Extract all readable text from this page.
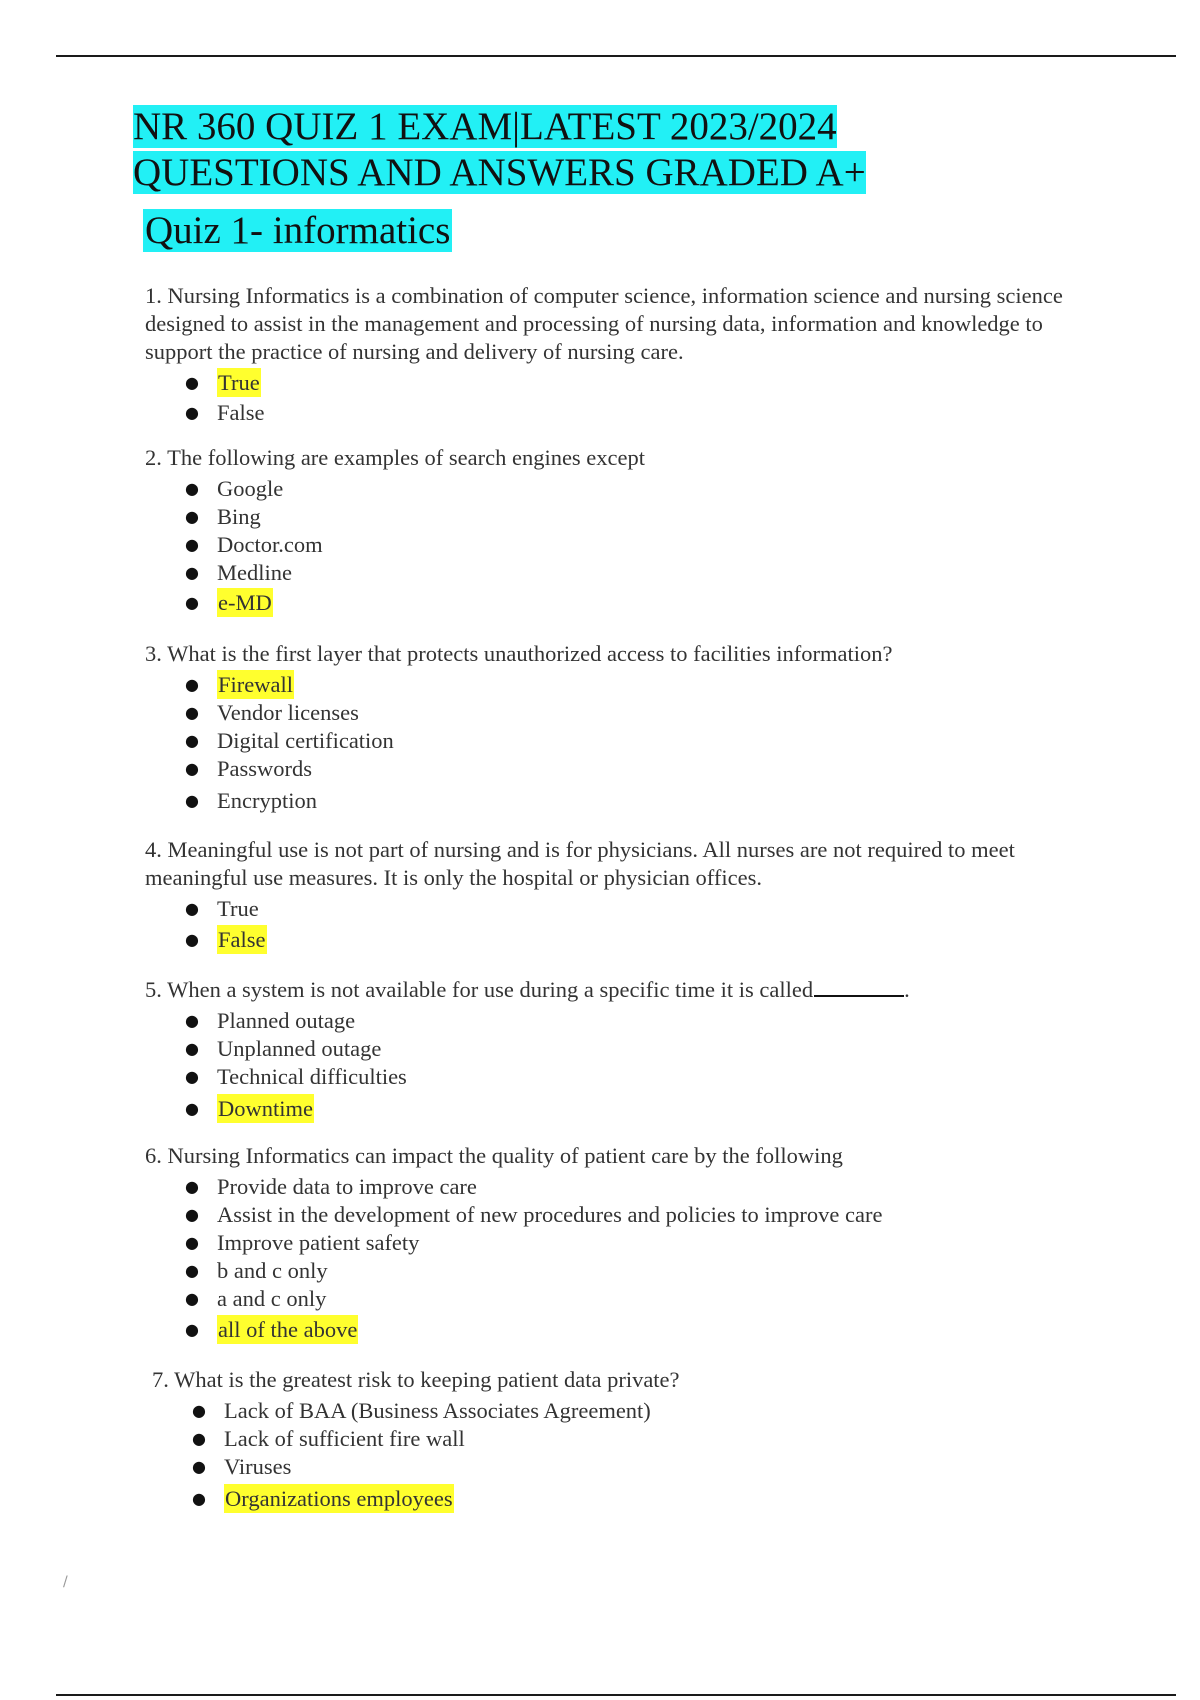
NR 360 QUIZ 1 EXAM|LATEST 2023/2024
QUESTIONS AND ANSWERS GRADED A+
Quiz 1- informatics

1. Nursing Informatics is a combination of computer science, information science and nursing science designed to assist in the management and processing of nursing data, information and knowledge to support the practice of nursing and delivery of nursing care.

● True
● False

2. The following are examples of search engines except

● Google
● Bing
● Doctor.com
● Medline
● e-MD

3. What is the first layer that protects unauthorized access to facilities information?

● Firewall
● Vendor licenses
● Digital certification
● Passwords
● Encryption

4. Meaningful use is not part of nursing and is for physicians. All nurses are not required to meet meaningful use measures. It is only the hospital or physician offices.

● True
● False

5. When a system is not available for use during a specific time it is called	.

● Planned outage
● Unplanned outage
● Technical difficulties
● Downtime

6. Nursing Informatics can impact the quality of patient care by the following

● Provide data to improve care
● Assist in the development of new procedures and policies to improve care
● Improve patient safety
● b and c only
● a and c only
● all of the above

7. What is the greatest risk to keeping patient data private?

● Lack of BAA (Business Associates Agreement)
● Lack of sufficient fire wall
● Viruses
● Organizations employees
/
